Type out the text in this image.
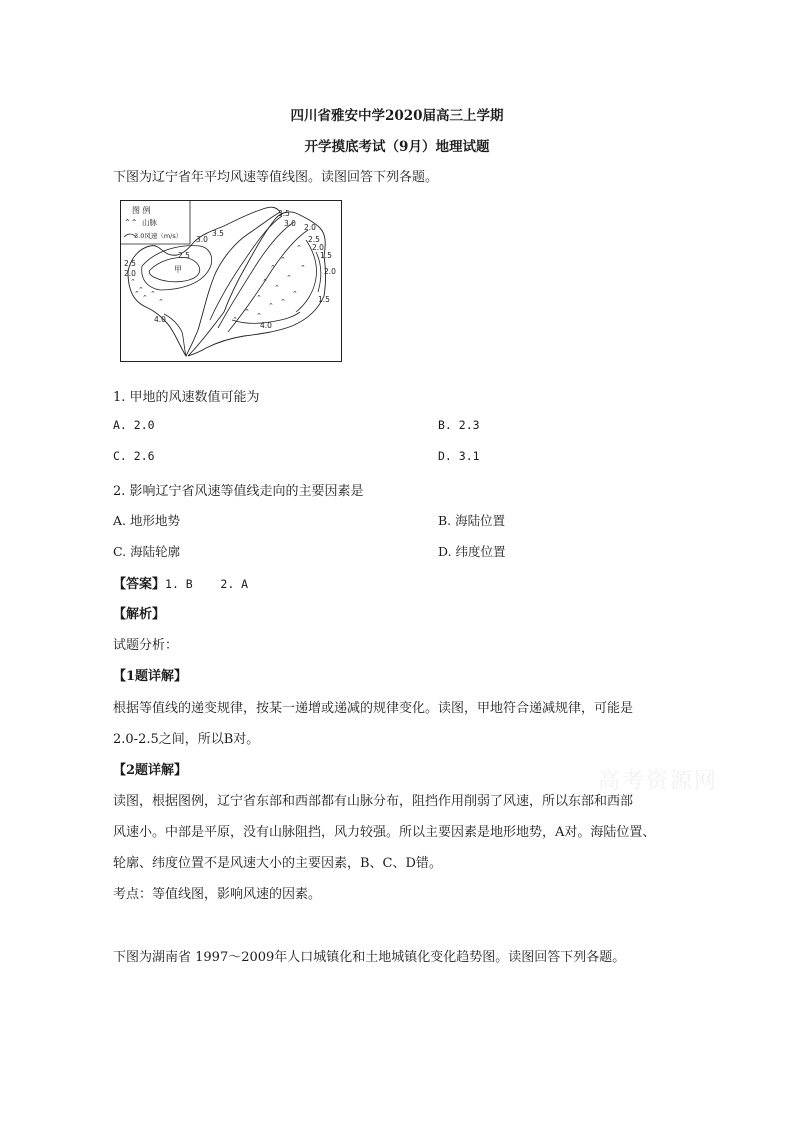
四川省雅安中学2020届高三上学期
开学摸底考试（9月）地理试题
下图为辽宁省年平均风速等值线图。读图回答下列各题。
图 例
⌃⌃ 山脉
3.0风速（m/s）
⌃
⌃ ⌃
⌃ ⌃
⌃
⌃
⌃
⌃
⌃
⌃
⌃
⌃
⌃ ⌃
⌃
⌃
⌃
⌃	⌃
3.5
3.5
3.0
3.0
2.5
2.0
2.5
2.0
2.5
2.0
1.5
2.0
1.5
4.0
4.0
甲
1. 甲地的风速数值可能为
A. 2.0	B. 2.3
C. 2.6	D. 3.1
2. 影响辽宁省风速等值线走向的主要因素是
A. 地形地势	B. 海陆位置
C. 海陆轮廓	D. 纬度位置
【答案】1. B    2. A
【解析】
试题分析：
【1题详解】
根据等值线的递变规律，按某一递增或递减的规律变化。读图，甲地符合递减规律，可能是
2.0-2.5之间，所以B对。
【2题详解】
读图，根据图例，辽宁省东部和西部都有山脉分布，阻挡作用削弱了风速，所以东部和西部
风速小。中部是平原，没有山脉阻挡，风力较强。所以主要因素是地形地势，A对。海陆位置、
轮廓、纬度位置不是风速大小的主要因素，B、C、D错。
考点：等值线图，影响风速的因素。
下图为湖南省 1997～2009年人口城镇化和土地城镇化变化趋势图。读图回答下列各题。
高考资源网
